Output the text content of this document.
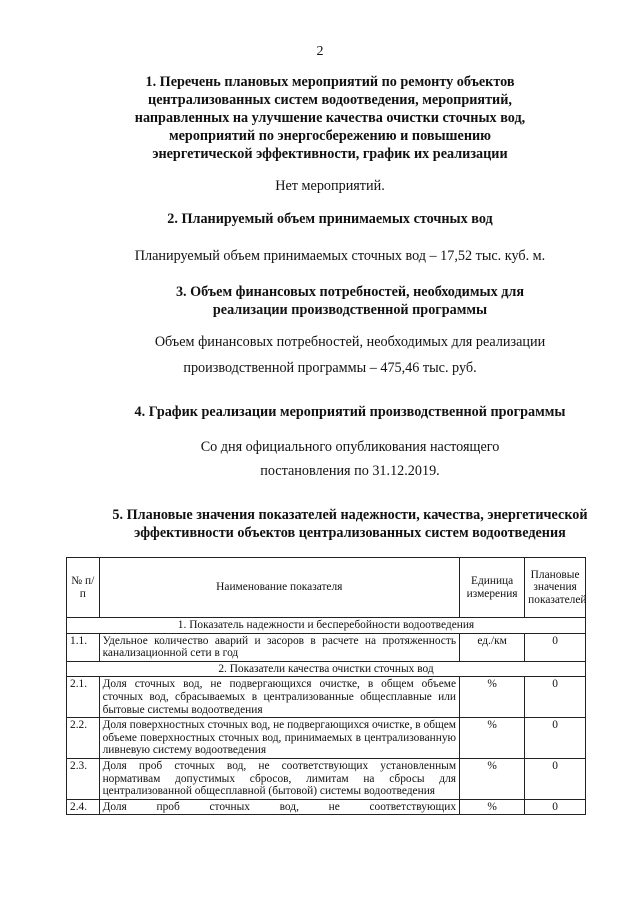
2
1. Перечень плановых мероприятий по ремонту объектов
централизованных систем водоотведения, мероприятий,
направленных на улучшение качества очистки сточных вод,
мероприятий по энергосбережению и повышению
энергетической эффективности, график их реализации
Нет мероприятий.
2. Планируемый объем принимаемых сточных вод
Планируемый объем принимаемых сточных вод – 17,52 тыс. куб. м.
3. Объем финансовых потребностей, необходимых для
реализации производственной программы
Объем финансовых потребностей, необходимых для реализации
производственной программы – 475,46 тыс. руб.
4. График реализации мероприятий производственной программы
Со дня официального опубликования настоящего
постановления по 31.12.2019.
5. Плановые значения показателей надежности, качества, энергетической
эффективности объектов централизованных систем водоотведения
№ п/п	Наименование показателя	Единица измерения	Плановые значения показателей
1. Показатель надежности и бесперебойности водоотведения			
1.1.	Удельное количество аварий и засоров в расчете на протяженность канализационной сети в год	ед./км	0
2. Показатели качества очистки сточных вод			
2.1.	Доля сточных вод, не подвергающихся очистке, в общем объеме сточных вод, сбрасываемых в централизованные общесплавные или бытовые системы водоотведения	%	0
2.2.	Доля поверхностных сточных вод, не подвергающихся очистке, в общем объеме поверхностных сточных вод, принимаемых в централизованную ливневую систему водоотведения	%	0
2.3.	Доля проб сточных вод, не соответствующих установленным нормативам допустимых сбросов, лимитам на сбросы для централизованной общесплавной (бытовой) системы водоотведения	%	0
2.4.	Доля проб сточных вод, не соответствующих	%	0
